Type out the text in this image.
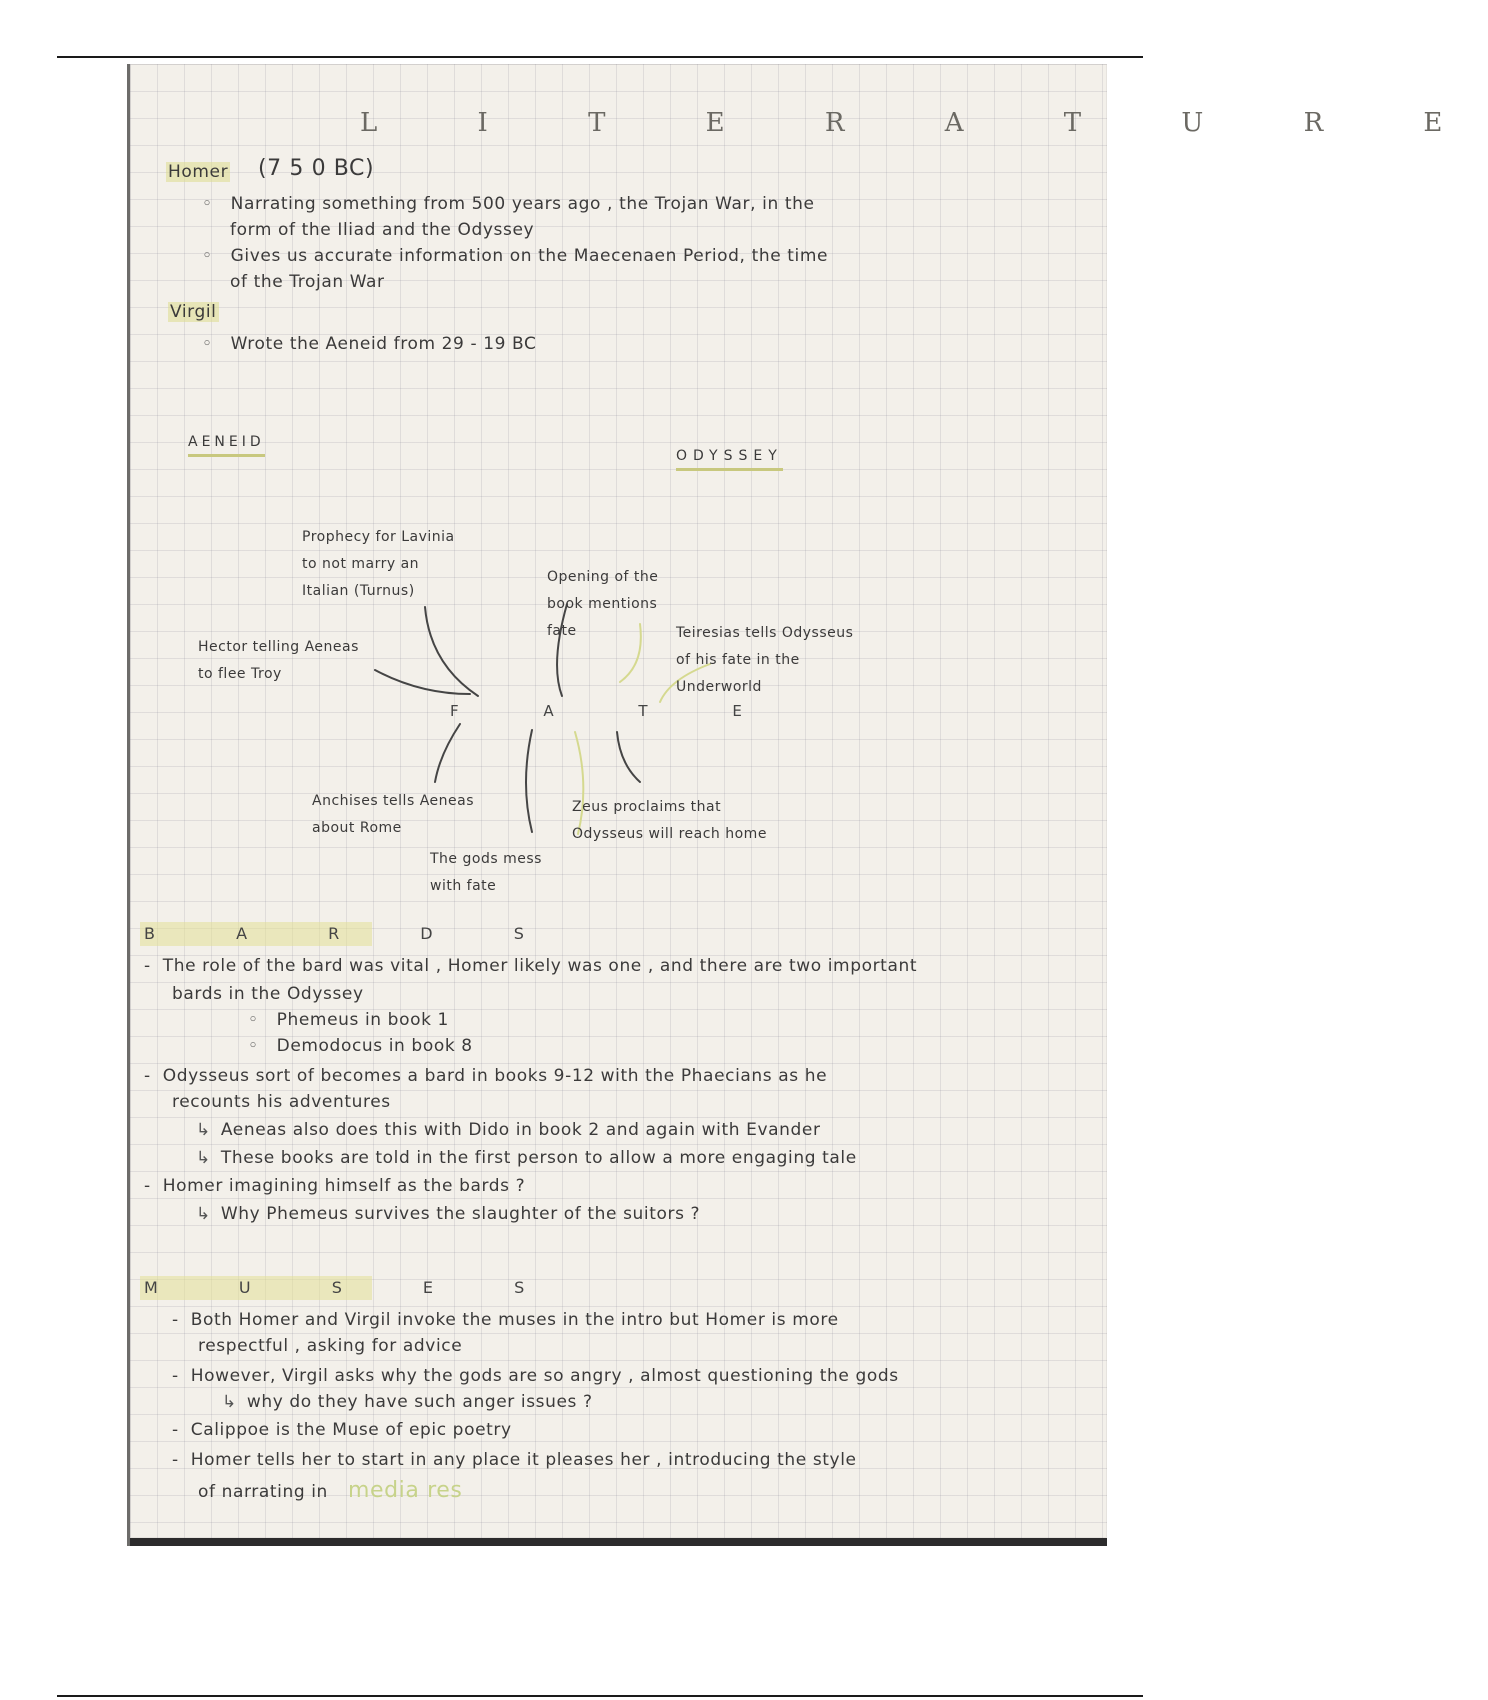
L I T E R A T U R E
Homer (7 5 0 BC)
◦ Narrating something from 500 years ago , the Trojan War, in the
form of the Iliad and the Odyssey
◦ Gives us accurate information on the Maecenaen Period, the time
of the Trojan War
Virgil
◦ Wrote the Aeneid from 29 - 19 BC
AENEID
ODYSSEY
Prophecy for Lavinia
to not marry an
Italian (Turnus)
Hector telling Aeneas
to flee Troy
Opening of the
book mentions
fate	Teiresias tells Odysseus
of his fate in the
Underworld
F A T E
Anchises tells Aeneas
about Rome
Zeus proclaims that
Odysseus will reach home
The gods mess
with fate
B A R D S
- The role of the bard was vital , Homer likely was one , and there are two important
bards in the Odyssey
◦ Phemeus in book 1
◦ Demodocus in book 8
- Odysseus sort of becomes a bard in books 9-12 with the Phaecians as he
recounts his adventures
↳ Aeneas also does this with Dido in book 2 and again with Evander
↳ These books are told in the first person to allow a more engaging tale
- Homer imagining himself as the bards ?
↳ Why Phemeus survives the slaughter of the suitors ?
M U S E S
- Both Homer and Virgil invoke the muses in the intro but Homer is more
respectful , asking for advice
- However, Virgil asks why the gods are so angry , almost questioning the gods
↳ why do they have such anger issues ?
- Calippoe is the Muse of epic poetry
- Homer tells her to start in any place it pleases her , introducing the style
of narrating in media res
